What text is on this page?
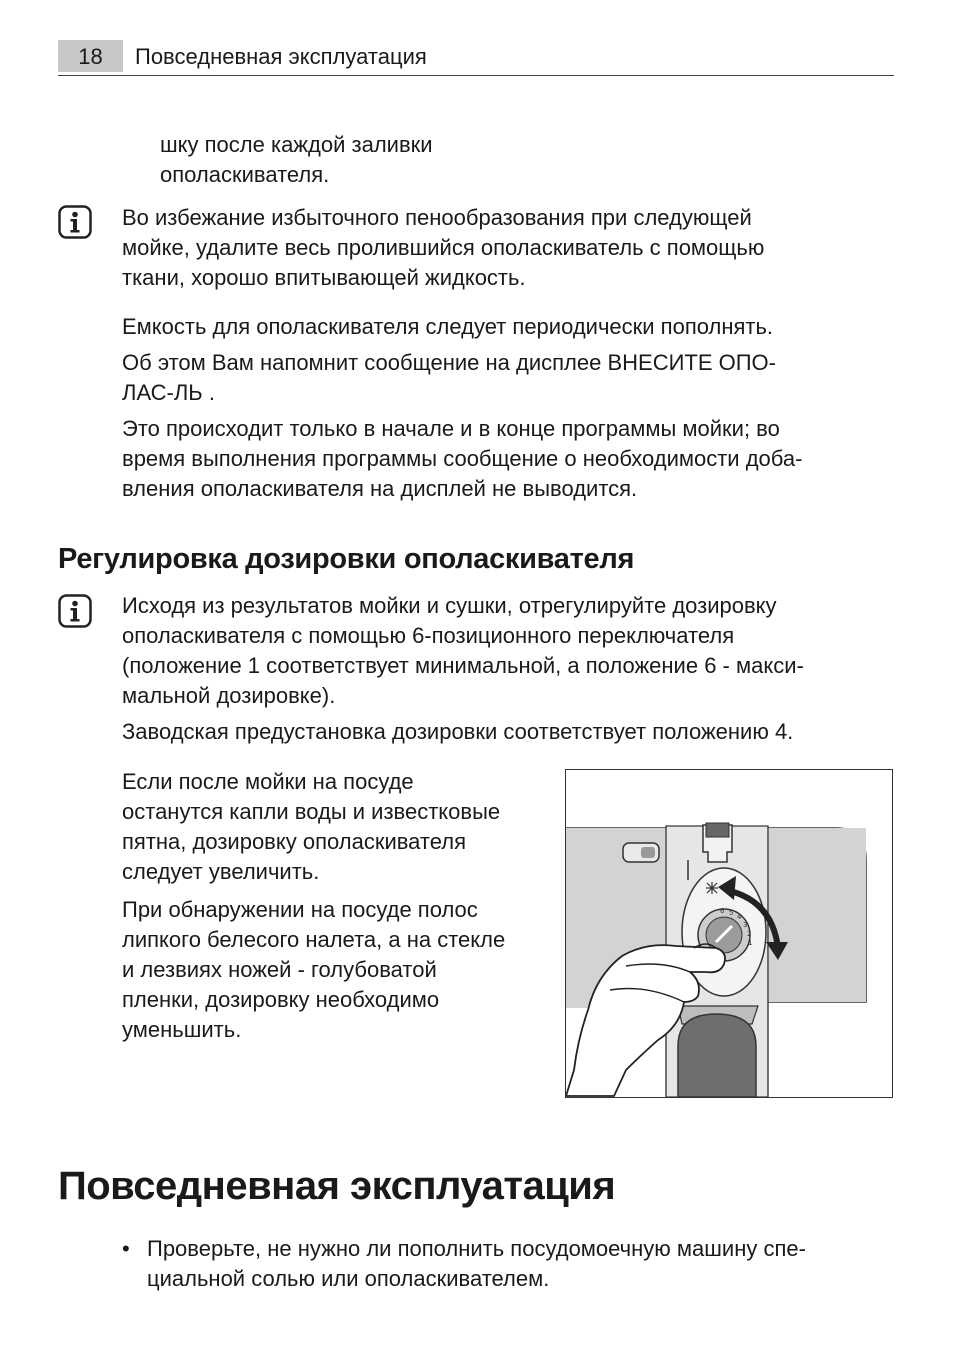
18	Повседневная эксплуатация

шку после каждой заливки

ополаскивателя.

Во избежание избыточного пенообразования при следующей

мойке, удалите весь пролившийся ополаскиватель с помощью

ткани, хорошо впитывающей жидкость.

Емкость для ополаскивателя следует периодически пополнять.

Об этом Вам напомнит сообщение на дисплее ВНЕСИТЕ ОПО-

ЛАС-ЛЬ .

Это происходит только в начале и в конце программы мойки; во

время выполнения программы сообщение о необходимости доба-

вления ополаскивателя на дисплей не выводится.

Регулировка дозировки ополаскивателя

Исходя из результатов мойки и сушки, отрегулируйте дозировку

ополаскивателя с помощью 6-позиционного переключателя

(положение 1 соответствует минимальной, а положение 6 - макси-

мальной дозировке).

Заводская предустановка дозировки соответствует положению 4.

Если после мойки на посуде

останутся капли воды и известковые

пятна, дозировку ополаскивателя

следует увеличить.

При обнаружении на посуде полос

липкого белесого налета, а на стекле

и лезвиях ножей - голубоватой

пленки, дозировку необходимо

уменьшить.

6 5 4
3
2
1
Повседневная эксплуатация
• Проверьте, не нужно ли пополнить посудомоечную машину спе-

циальной солью или ополаскивателем.
